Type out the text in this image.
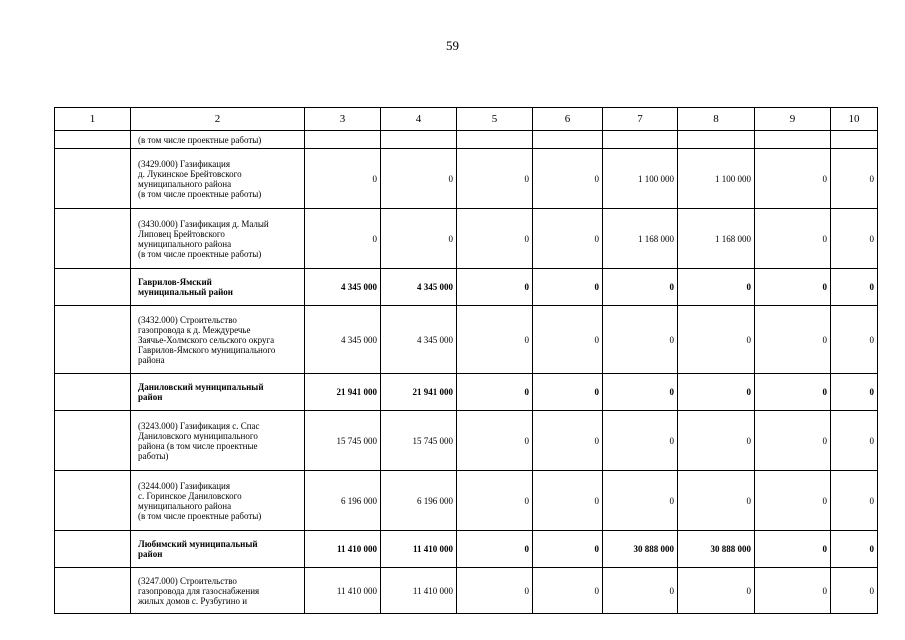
59
1	2	3	4	5	6	7	8	9	10

	(в том числе проектные работы)								

	(3429.000) Газификация
д. Лукинское Брейтовского
муниципального района
(в том числе проектные работы)	0	0	0	0	1 100 000	1 100 000	0	0

	(3430.000) Газификация д. Малый
Липовец Брейтовского
муниципального района
(в том числе проектные работы)	0	0	0	0	1 168 000	1 168 000	0	0

	Гаврилов-Ямский
муниципальный район	4 345 000	4 345 000	0	0	0	0	0	0

	(3432.000) Строительство
газопровода к д. Междуречье
Заячье-Холмского сельского округа
Гаврилов-Ямского муниципального
района	4 345 000	4 345 000	0	0	0	0	0	0

	Даниловский муниципальный
район	21 941 000	21 941 000	0	0	0	0	0	0

	(3243.000) Газификация с. Спас
Даниловского муниципального
района (в том числе проектные
работы)	15 745 000	15 745 000	0	0	0	0	0	0

	(3244.000) Газификация
с. Горинское Даниловского
муниципального района
(в том числе проектные работы)	6 196 000	6 196 000	0	0	0	0	0	0

	Любимский муниципальный
район	11 410 000	11 410 000	0	0	30 888 000	30 888 000	0	0

	(3247.000) Строительство
газопровода для газоснабжения
жилых домов с. Рузбугино и	11 410 000	11 410 000	0	0	0	0	0	0
